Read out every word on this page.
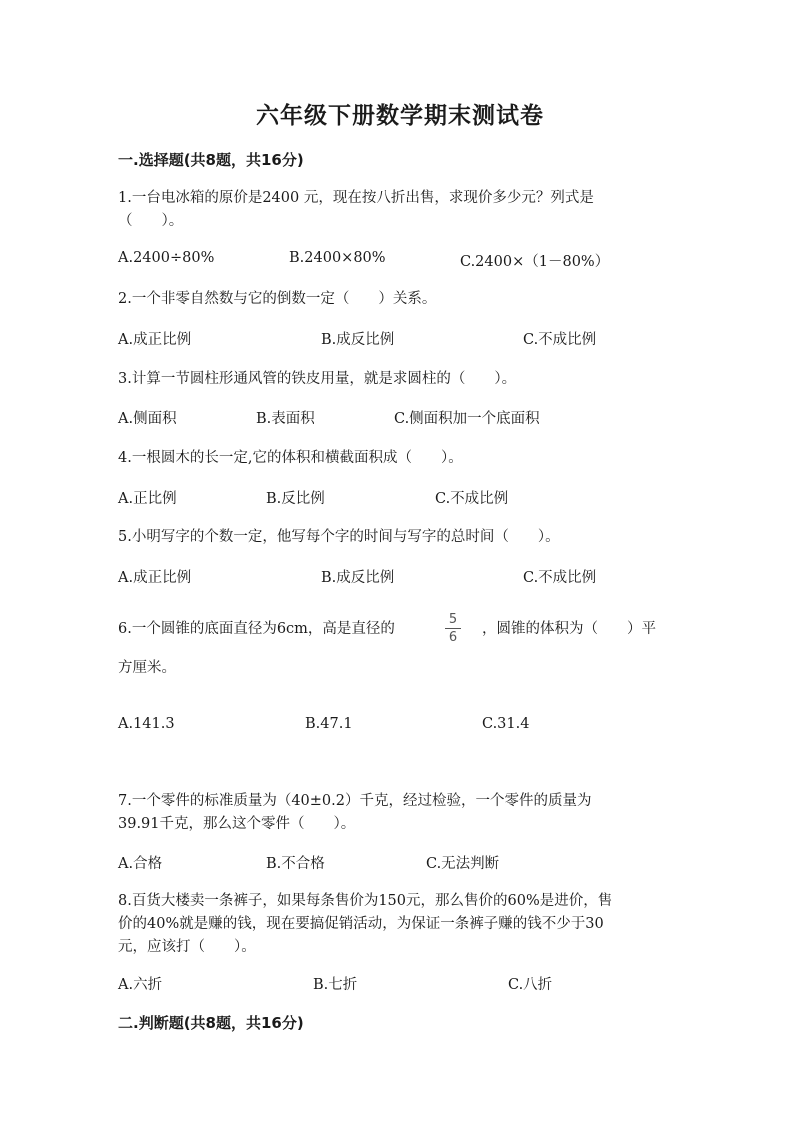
六年级下册数学期末测试卷
一.选择题(共8题，共16分)
1.一台电冰箱的原价是2400 元，现在按八折出售，求现价多少元？列式是
（　　）。
A.2400÷80%	B.2400×80%	C.2400×（1－80%）
2.一个非零自然数与它的倒数一定（　　）关系。
A.成正比例	B.成反比例	C.不成比例
3.计算一节圆柱形通风管的铁皮用量，就是求圆柱的（　　）。
A.侧面积	B.表面积	C.侧面积加一个底面积
4.一根圆木的长一定,它的体积和横截面积成（　　）。
A.正比例	B.反比例	C.不成比例
5.小明写字的个数一定，他写每个字的时间与写字的总时间（　　）。
A.成正比例	B.成反比例	C.不成比例
6.一个圆锥的底面直径为6cm，高是直径的
5
6
，圆锥的体积为（　　）平
方厘米。
A.141.3	B.47.1	C.31.4
7.一个零件的标准质量为（40±0.2）千克，经过检验，一个零件的质量为
39.91千克，那么这个零件（　　）。
A.合格	B.不合格	C.无法判断
8.百货大楼卖一条裤子，如果每条售价为150元，那么售价的60%是进价，售
价的40%就是赚的钱，现在要搞促销活动，为保证一条裤子赚的钱不少于30
元，应该打（　　）。
A.六折	B.七折	C.八折
二.判断题(共8题，共16分)
